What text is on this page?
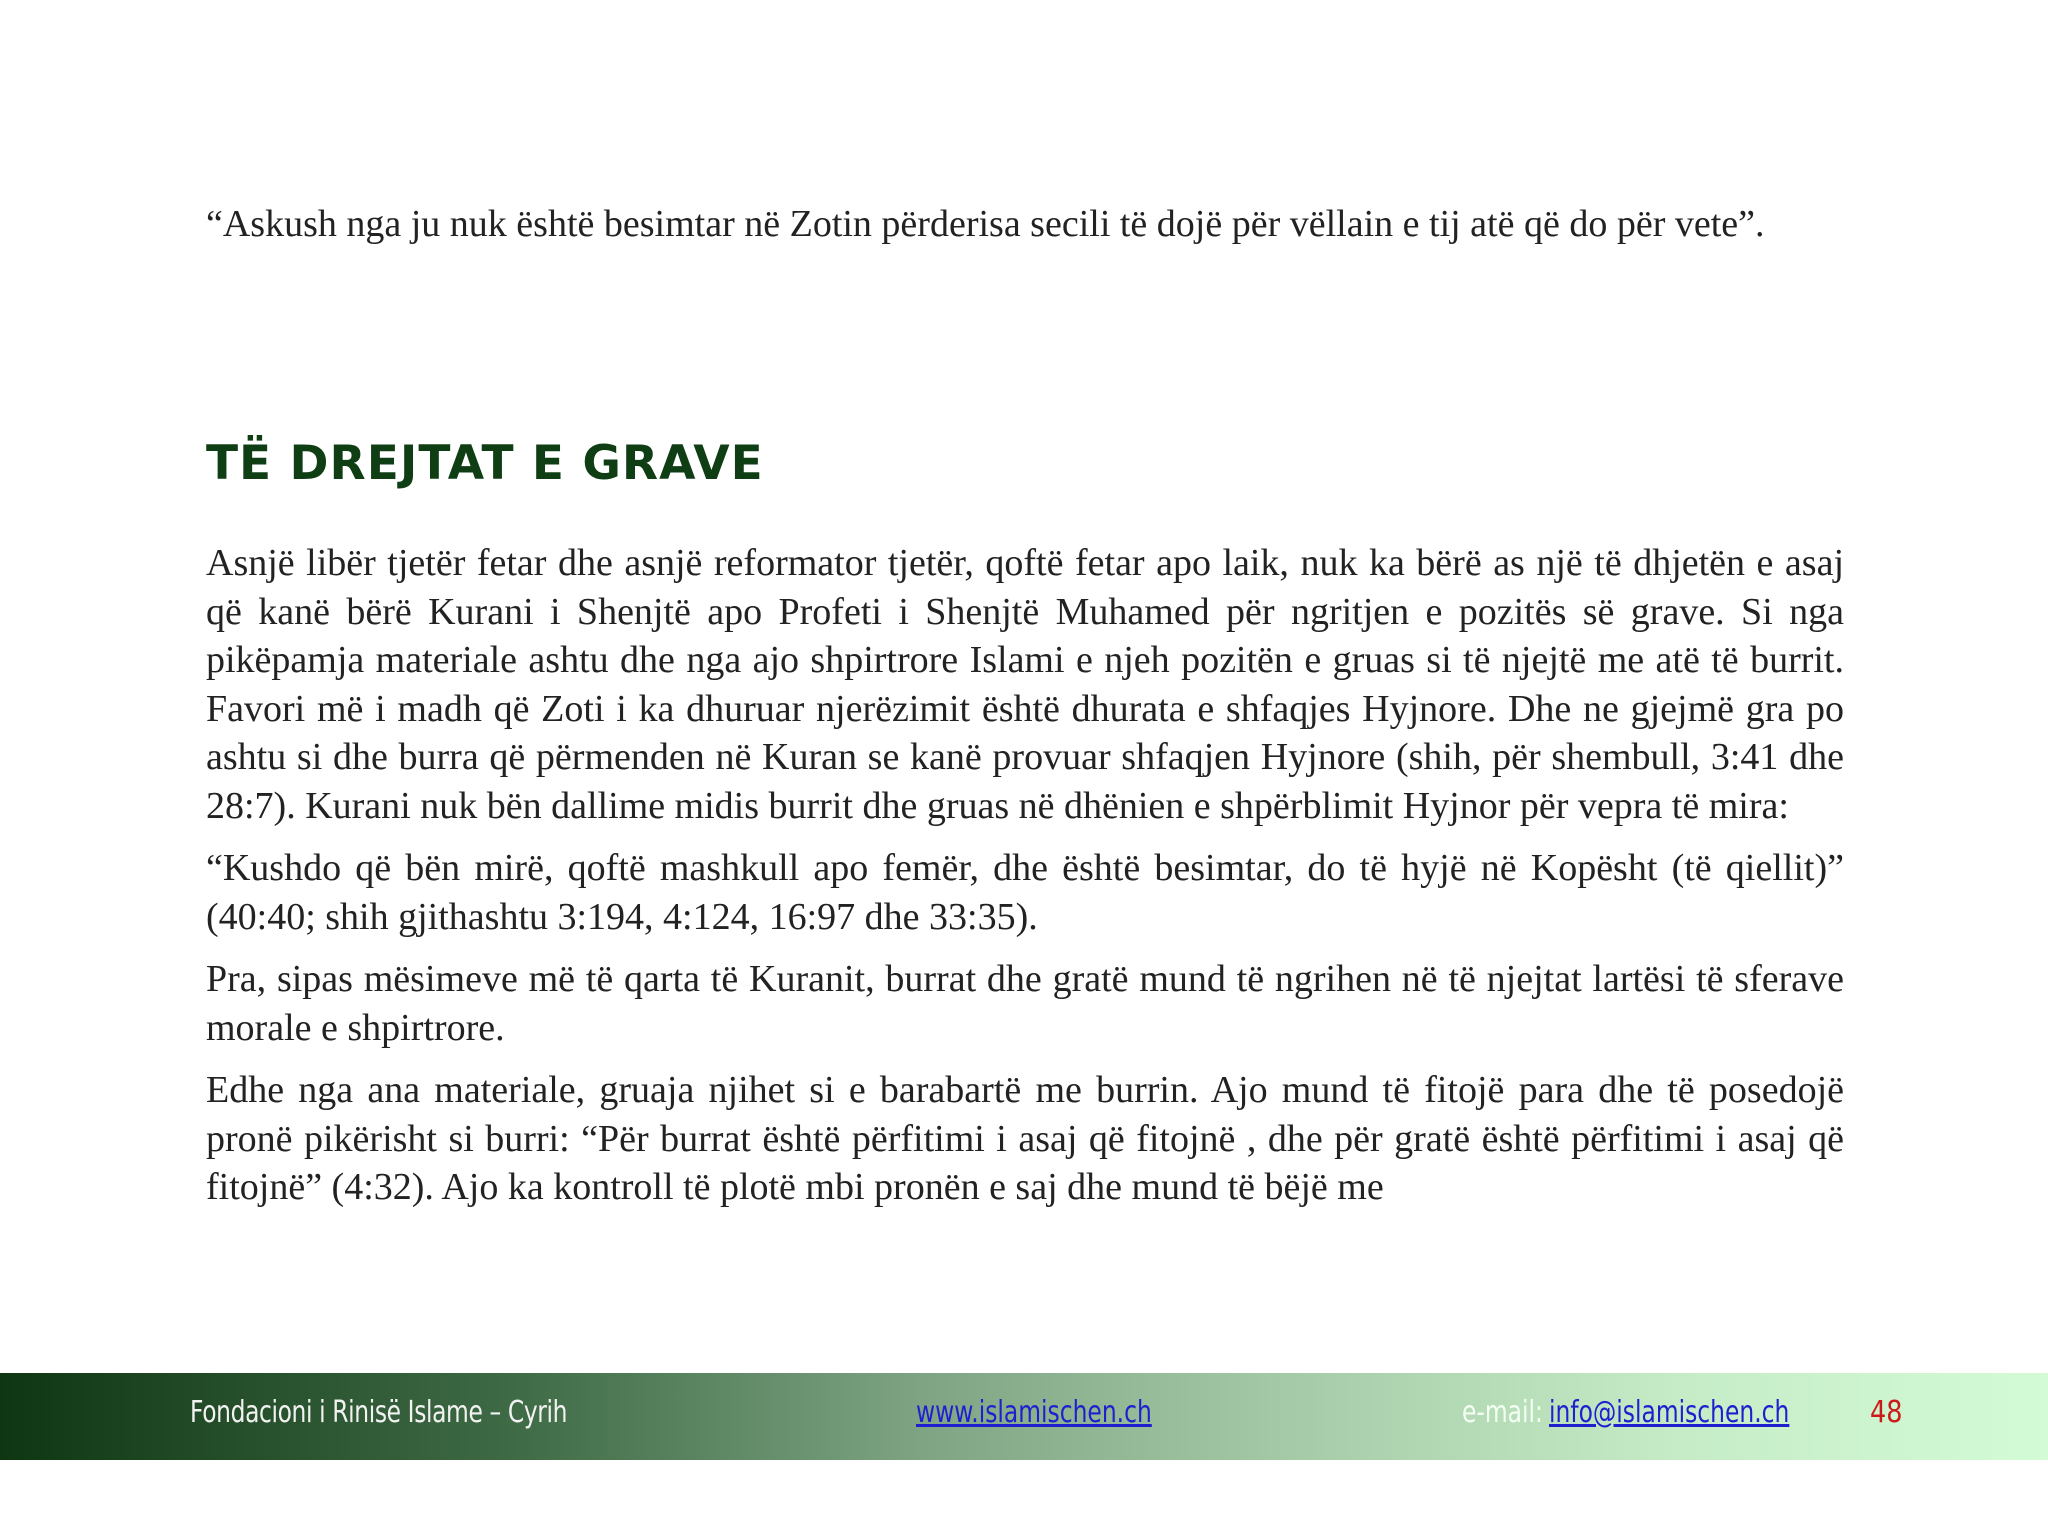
“Askush nga ju nuk është besimtar në Zotin përderisa secili të dojë për vëllain e tij atë që do për vete”.

TË DREJTAT E GRAVE

Asnjë libër tjetër fetar dhe asnjë reformator tjetër, qoftë fetar apo laik, nuk ka bërë as një të dhjetën e asaj që kanë bërë Kurani i Shenjtë apo Profeti i Shenjtë Muhamed për ngritjen e pozitës së grave. Si nga pikëpamja materiale ashtu dhe nga ajo shpirtrore Islami e njeh pozitën e gruas si të njejtë me atë të burrit. Favori më i madh që Zoti i ka dhuruar njerëzimit është dhurata e shfaqjes Hyjnore. Dhe ne gjejmë gra po ashtu si dhe burra që përmenden në Kuran se kanë provuar shfaqjen Hyjnore (shih, për shembull, 3:41 dhe 28:7). Kurani nuk bën dallime midis burrit dhe gruas në dhënien e shpërblimit Hyjnor për vepra të mira:

“Kushdo që bën mirë, qoftë mashkull apo femër, dhe është besimtar, do të hyjë në Kopësht (të qiellit)” (40:40; shih gjithashtu 3:194, 4:124, 16:97 dhe 33:35).

Pra, sipas mësimeve më të qarta të Kuranit, burrat dhe gratë mund të ngrihen në të njejtat lartësi të sferave morale e shpirtrore.

Edhe nga ana materiale, gruaja njihet si e barabartë me burrin. Ajo mund të fitojë para dhe të posedojë pronë pikërisht si burri: “Për burrat është përfitimi i asaj që fitojnë , dhe për gratë është përfitimi i asaj që fitojnë” (4:32). Ajo ka kontroll të plotë mbi pronën e saj dhe mund të bëjë me

Fondacioni i Rinisë Islame – Cyrih	www.islamischen.ch	e-mail: info@islamischen.ch	48
